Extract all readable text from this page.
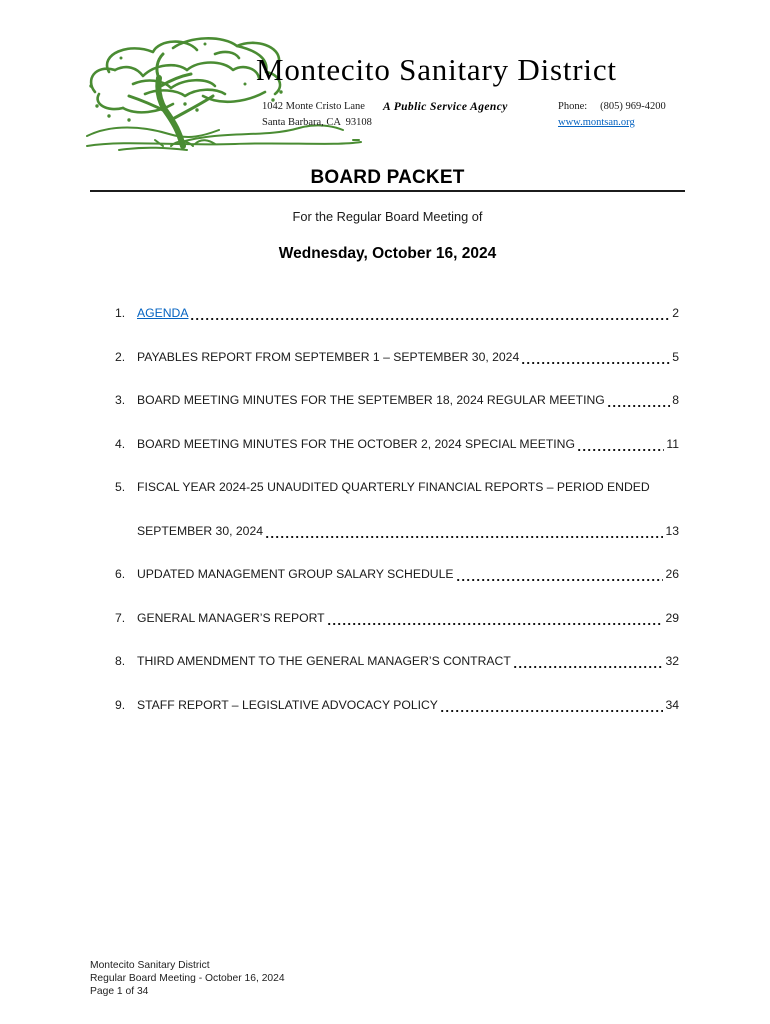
Montecito Sanitary District
1042 Monte Cristo Lane
Santa Barbara, CA  93108
A Public Service Agency	Phone: (805) 969-4200
www.montsan.org
BOARD PACKET
For the Regular Board Meeting of
Wednesday, October 16, 2024
1. AGENDA	2
2. PAYABLES REPORT FROM SEPTEMBER 1 – SEPTEMBER 30, 2024	5
3. BOARD MEETING MINUTES FOR THE SEPTEMBER 18, 2024 REGULAR MEETING	8
4. BOARD MEETING MINUTES FOR THE OCTOBER 2, 2024 SPECIAL MEETING	11
5. FISCAL YEAR 2024-25 UNAUDITED QUARTERLY FINANCIAL REPORTS – PERIOD ENDED
SEPTEMBER 30, 2024	13
6. UPDATED MANAGEMENT GROUP SALARY SCHEDULE	26
7. GENERAL MANAGER’S REPORT	29
8. THIRD AMENDMENT TO THE GENERAL MANAGER’S CONTRACT	32
9. STAFF REPORT – LEGISLATIVE ADVOCACY POLICY	34
Montecito Sanitary District
Regular Board Meeting - October 16, 2024
Page 1 of 34
